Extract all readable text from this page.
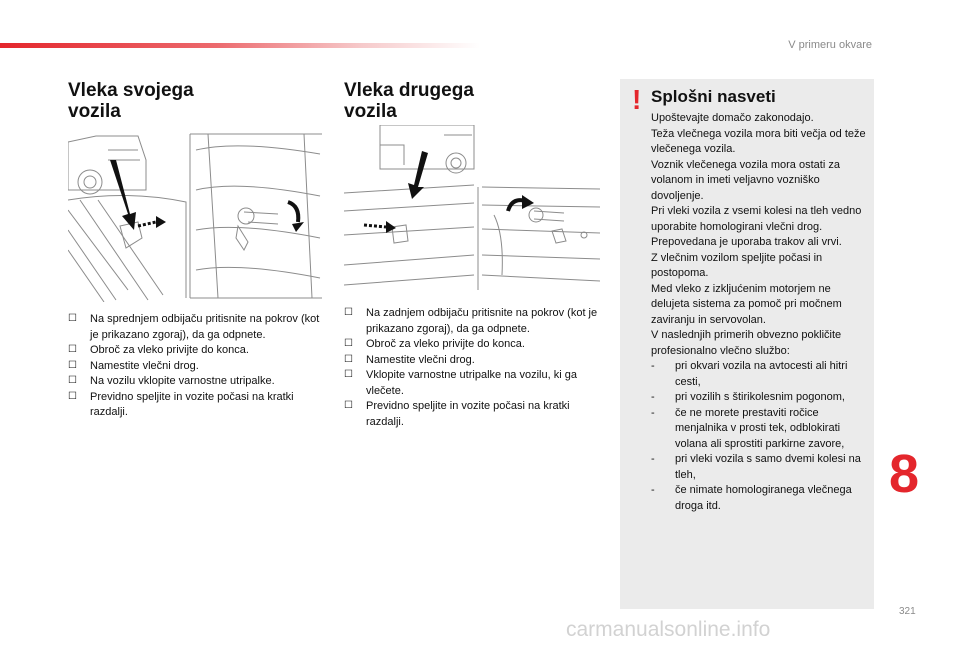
V primeru okvare
Vleka svojega
vozila
☐ Na sprednjem odbijaču pritisnite na pokrov (kot je prikazano zgoraj), da ga odpnete.
☐ Obroč za vleko privijte do konca.
☐ Namestite vlečni drog.
☐ Na vozilu vklopite varnostne utripalke.
☐ Previdno speljite in vozite počasi na kratki razdalji.
Vleka drugega
vozila
☐ Na zadnjem odbijaču pritisnite na pokrov (kot je prikazano zgoraj), da ga odpnete.
☐ Obroč za vleko privijte do konca.
☐ Namestite vlečni drog.
☐ Vklopite varnostne utripalke na vozilu, ki ga vlečete.
☐ Previdno speljite in vozite počasi na kratki razdalji.
! Splošni nasveti

Upoštevajte domačo zakonodajo.

Teža vlečnega vozila mora biti večja od teže vlečenega vozila.

Voznik vlečenega vozila mora ostati za volanom in imeti veljavno vozniško dovoljenje.

Pri vleki vozila z vsemi kolesi na tleh vedno uporabite homologirani vlečni drog. Prepovedana je uporaba trakov ali vrvi.

Z vlečnim vozilom speljite počasi in postopoma.

Med vleko z izkljućenim motorjem ne delujeta sistema za pomoč pri močnem zaviranju in servovolan.

V naslednjih primerih obvezno pokličite profesionalno vlečno službo:

- pri okvari vozila na avtocesti ali hitri cesti,
- pri vozilih s štirikolesnim pogonom,
- če ne morete prestaviti ročice menjalnika v prosti tek, odblokirati volana ali sprostiti parkirne zavore,
- pri vleki vozila s samo dvemi kolesi na tleh,
- če nimate homologiranega vlečnega droga itd.
8
321
carmanualsonline.info
